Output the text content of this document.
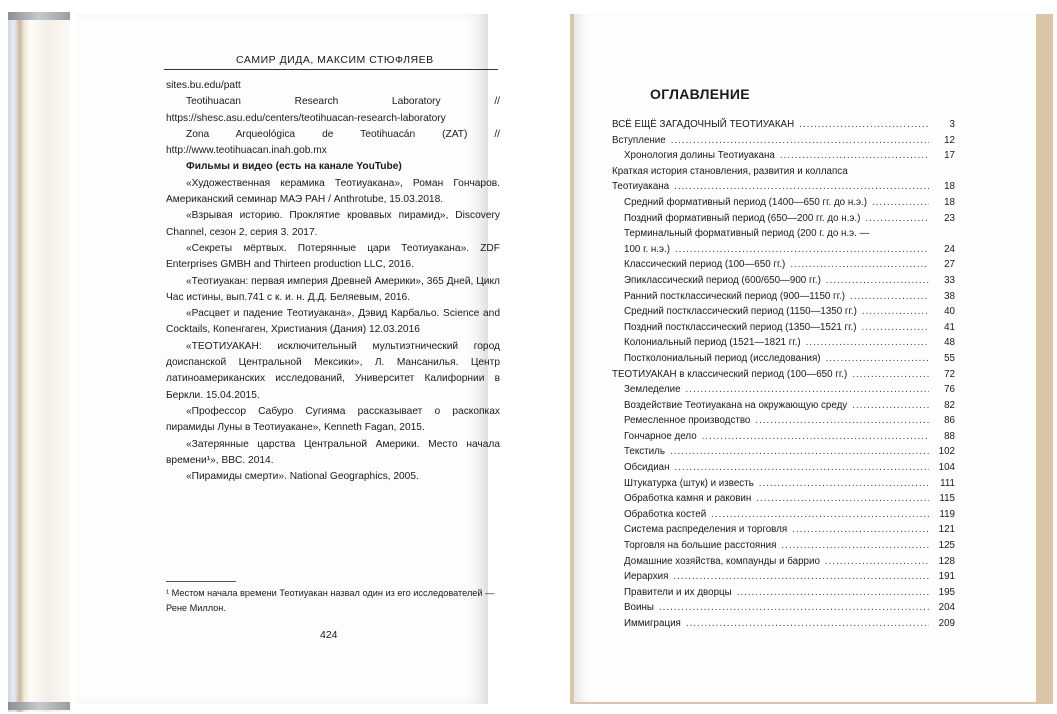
САМИР ДИДА, МАКСИМ СТЮФЛЯЕВ

sites.bu.edu/patt

Teotihuacan Research Laboratory // https://shesc.asu.edu/centers/teotihuacan-research-laboratory

Zona Arqueológica de Teotihuacán (ZAT) // http://www.teotihuacan.inah.gob.mx

Фильмы и видео (есть на канале YouTube)

«Художественная керамика Теотиуакана», Роман Гончаров. Американский семинар МАЭ РАН / Anthrotube, 15.03.2018.

«Взрывая историю. Проклятие кровавых пирамид», Discovery Channel, сезон 2, серия 3. 2017.

«Секреты мёртвых. Потерянные цари Теотиуакана». ZDF Enterprises GMBH and Thirteen production LLC, 2016.

«Теотиуакан: первая империя Древней Америки», 365 Дней, Цикл Час истины, вып.741 с к. и. н. Д.Д. Беляевым, 2016.

«Расцвет и падение Теотиуакана», Дэвид Карбальо. Science and Cocktails, Копенгаген, Христиания (Дания) 12.03.2016

«ТЕОТИУАКАН: исключительный мультиэтнический город доиспанской Центральной Мексики», Л. Мансанилья. Центр латиноамериканских исследований, Университет Калифорнии в Беркли. 15.04.2015.

«Профессор Сабуро Сугияма рассказывает о раскопках пирамиды Луны в Теотиуакане», Kenneth Fagan, 2015.

«Затерянные царства Центральной Америки. Место начала времени¹», BBC. 2014.

«Пирамиды смерти». National Geographics, 2005.

¹ Местом начала времени Теотиуакан назвал один из его исследователей — Рене Миллон.
424
ОГЛАВЛЕНИЕ
ВСЁ ЕЩЁ ЗАГАДОЧНЫЙ ТЕОТИУАКАН .....	3
Вступление .....	12
Хронология долины Теотиуакана .....	17
Краткая история становления, развития и коллапса
Теотиуакана .....	18
Средний формативный период (1400—650 гг. до н.э.) .....	18
Поздний формативный период (650—200 гг. до н.э.) .....	23
Терминальный формативный период (200 г. до н.э. —
100 г. н.э.) .....	24
Классический период (100—650 гг.) .....	27
Эпиклассический период (600/650—900 гг.) .....	33
Ранний постклассический период (900—1150 гг.) .....	38
Средний постклассический период (1150—1350 гг.) .....	40
Поздний постклассический период (1350—1521 гг.) .....	41
Колониальный период (1521—1821 гг.) .....	48
Постколониальный период (исследования) .....	55
ТЕОТИУАКАН в классический период (100—650 гг.) .....	72
Земледелие .....	76
Воздействие Теотиуакана на окружающую среду .....	82
Ремесленное производство .....	86
Гончарное дело .....	88
Текстиль .....	102
Обсидиан .....	104
Штукатурка (штук) и известь .....	111
Обработка камня и раковин .....	115
Обработка костей .....	119
Система распределения и торговля .....	121
Торговля на большие расстояния .....	125
Домашние хозяйства, компаунды и баррио .....	128
Иерархия .....	191
Правители и их дворцы .....	195
Воины .....	204
Иммиграция .....	209
